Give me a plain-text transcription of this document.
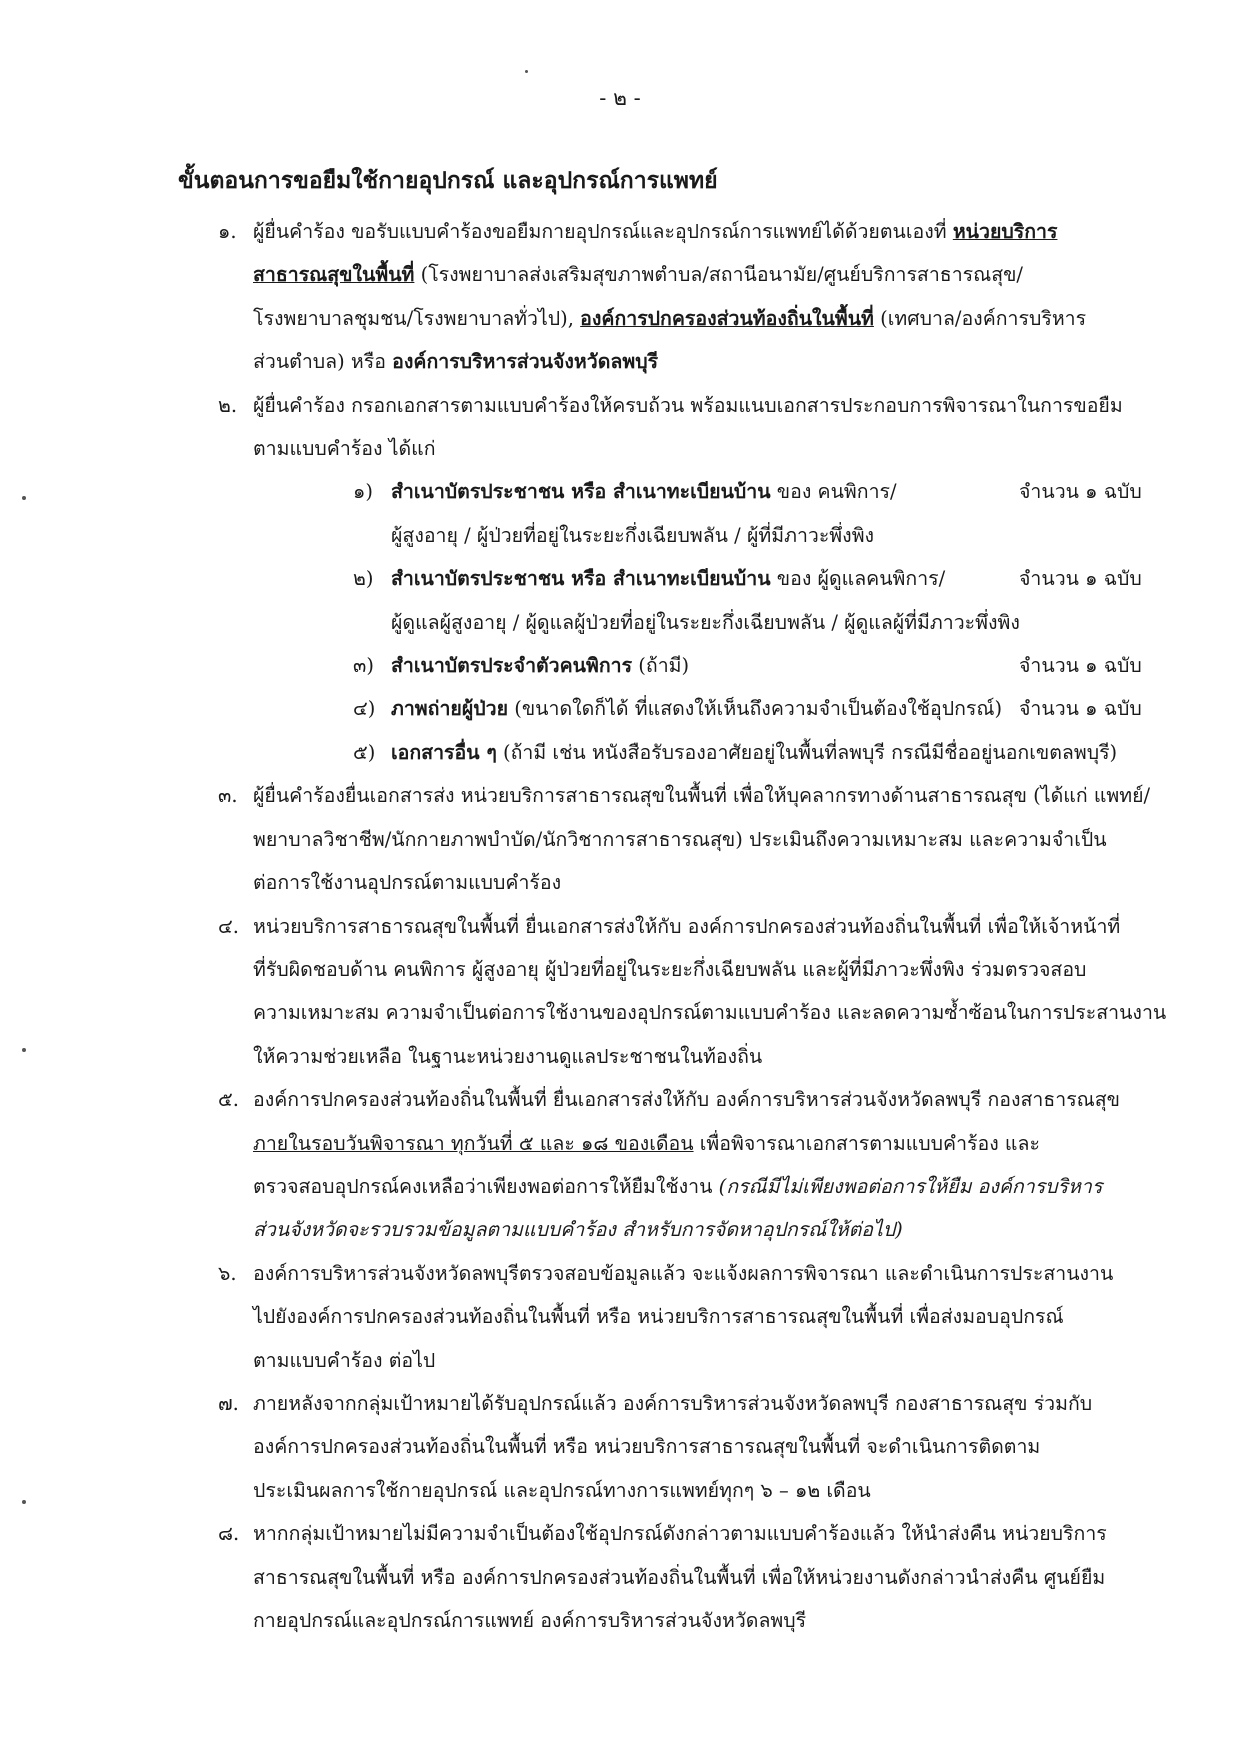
- ๒ -
ขั้นตอนการขอยืมใช้กายอุปกรณ์ และอุปกรณ์การแพทย์
๑. ผู้ยื่นคำร้อง ขอรับแบบคำร้องขอยืมกายอุปกรณ์และอุปกรณ์การแพทย์ได้ด้วยตนเองที่ หน่วยบริการ
สาธารณสุขในพื้นที่ (โรงพยาบาลส่งเสริมสุขภาพตำบล/สถานีอนามัย/ศูนย์บริการสาธารณสุข/
โรงพยาบาลชุมชน/โรงพยาบาลทั่วไป), องค์การปกครองส่วนท้องถิ่นในพื้นที่ (เทศบาล/องค์การบริหาร
ส่วนตำบล) หรือ องค์การบริหารส่วนจังหวัดลพบุรี
๒. ผู้ยื่นคำร้อง กรอกเอกสารตามแบบคำร้องให้ครบถ้วน พร้อมแนบเอกสารประกอบการพิจารณาในการขอยืม
ตามแบบคำร้อง ได้แก่
๑) สำเนาบัตรประชาชน หรือ สำเนาทะเบียนบ้าน ของ คนพิการ/	จำนวน ๑ ฉบับ
ผู้สูงอายุ / ผู้ป่วยที่อยู่ในระยะกึ่งเฉียบพลัน / ผู้ที่มีภาวะพึ่งพิง
๒) สำเนาบัตรประชาชน หรือ สำเนาทะเบียนบ้าน ของ ผู้ดูแลคนพิการ/	จำนวน ๑ ฉบับ
ผู้ดูแลผู้สูงอายุ / ผู้ดูแลผู้ป่วยที่อยู่ในระยะกึ่งเฉียบพลัน / ผู้ดูแลผู้ที่มีภาวะพึ่งพิง
๓) สำเนาบัตรประจำตัวคนพิการ (ถ้ามี)	จำนวน ๑ ฉบับ
๔) ภาพถ่ายผู้ป่วย (ขนาดใดก็ได้ ที่แสดงให้เห็นถึงความจำเป็นต้องใช้อุปกรณ์) จำนวน ๑ ฉบับ
๕) เอกสารอื่น ๆ (ถ้ามี เช่น หนังสือรับรองอาศัยอยู่ในพื้นที่ลพบุรี กรณีมีชื่ออยู่นอกเขตลพบุรี)
๓. ผู้ยื่นคำร้องยื่นเอกสารส่ง หน่วยบริการสาธารณสุขในพื้นที่ เพื่อให้บุคลากรทางด้านสาธารณสุข (ได้แก่ แพทย์/
พยาบาลวิชาชีพ/นักกายภาพบำบัด/นักวิชาการสาธารณสุข) ประเมินถึงความเหมาะสม และความจำเป็น
ต่อการใช้งานอุปกรณ์ตามแบบคำร้อง
๔. หน่วยบริการสาธารณสุขในพื้นที่ ยื่นเอกสารส่งให้กับ องค์การปกครองส่วนท้องถิ่นในพื้นที่ เพื่อให้เจ้าหน้าที่
ที่รับผิดชอบด้าน คนพิการ ผู้สูงอายุ ผู้ป่วยที่อยู่ในระยะกึ่งเฉียบพลัน และผู้ที่มีภาวะพึ่งพิง ร่วมตรวจสอบ
ความเหมาะสม ความจำเป็นต่อการใช้งานของอุปกรณ์ตามแบบคำร้อง และลดความซ้ำซ้อนในการประสานงาน
ให้ความช่วยเหลือ ในฐานะหน่วยงานดูแลประชาชนในท้องถิ่น
๕. องค์การปกครองส่วนท้องถิ่นในพื้นที่ ยื่นเอกสารส่งให้กับ องค์การบริหารส่วนจังหวัดลพบุรี กองสาธารณสุข
ภายในรอบวันพิจารณา ทุกวันที่ ๕ และ ๑๘ ของเดือน เพื่อพิจารณาเอกสารตามแบบคำร้อง และ
ตรวจสอบอุปกรณ์คงเหลือว่าเพียงพอต่อการให้ยืมใช้งาน (กรณีมีไม่เพียงพอต่อการให้ยืม องค์การบริหาร
ส่วนจังหวัดจะรวบรวมข้อมูลตามแบบคำร้อง สำหรับการจัดหาอุปกรณ์ให้ต่อไป)
๖. องค์การบริหารส่วนจังหวัดลพบุรีตรวจสอบข้อมูลแล้ว จะแจ้งผลการพิจารณา และดำเนินการประสานงาน
ไปยังองค์การปกครองส่วนท้องถิ่นในพื้นที่ หรือ หน่วยบริการสาธารณสุขในพื้นที่ เพื่อส่งมอบอุปกรณ์
ตามแบบคำร้อง ต่อไป
๗. ภายหลังจากกลุ่มเป้าหมายได้รับอุปกรณ์แล้ว องค์การบริหารส่วนจังหวัดลพบุรี กองสาธารณสุข ร่วมกับ
องค์การปกครองส่วนท้องถิ่นในพื้นที่ หรือ หน่วยบริการสาธารณสุขในพื้นที่ จะดำเนินการติดตาม
ประเมินผลการใช้กายอุปกรณ์ และอุปกรณ์ทางการแพทย์ทุกๆ ๖ – ๑๒ เดือน
๘. หากกลุ่มเป้าหมายไม่มีความจำเป็นต้องใช้อุปกรณ์ดังกล่าวตามแบบคำร้องแล้ว ให้นำส่งคืน หน่วยบริการ
สาธารณสุขในพื้นที่ หรือ องค์การปกครองส่วนท้องถิ่นในพื้นที่ เพื่อให้หน่วยงานดังกล่าวนำส่งคืน ศูนย์ยืม
กายอุปกรณ์และอุปกรณ์การแพทย์ องค์การบริหารส่วนจังหวัดลพบุรี
